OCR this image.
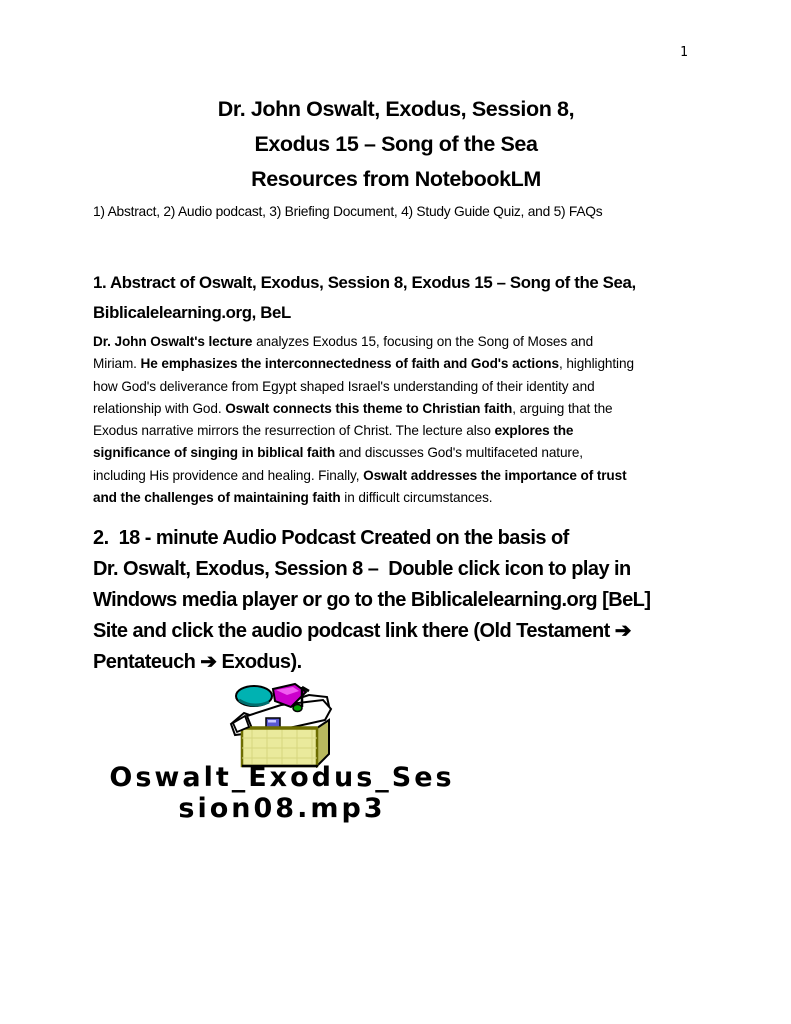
1
Dr. John Oswalt, Exodus, Session 8,
Exodus 15 – Song of the Sea
Resources from NotebookLM
1) Abstract, 2) Audio podcast, 3) Briefing Document, 4) Study Guide Quiz, and 5) FAQs
1. Abstract of Oswalt, Exodus, Session 8, Exodus 15 – Song of the Sea,
Biblicalelearning.org, BeL
Dr. John Oswalt's lecture analyzes Exodus 15, focusing on the Song of Moses and
Miriam. He emphasizes the interconnectedness of faith and God's actions, highlighting
how God's deliverance from Egypt shaped Israel's understanding of their identity and
relationship with God. Oswalt connects this theme to Christian faith, arguing that the
Exodus narrative mirrors the resurrection of Christ. The lecture also explores the
significance of singing in biblical faith and discusses God's multifaceted nature,
including His providence and healing. Finally, Oswalt addresses the importance of trust
and the challenges of maintaining faith in difficult circumstances.
2.  18 - minute Audio Podcast Created on the basis of
Dr. Oswalt, Exodus, Session 8 –  Double click icon to play in
Windows media player or go to the Biblicalelearning.org [BeL]
Site and click the audio podcast link there (Old Testament ➔
Pentateuch ➔ Exodus).
Oswalt_Exodus_Ses
sion08.mp3
